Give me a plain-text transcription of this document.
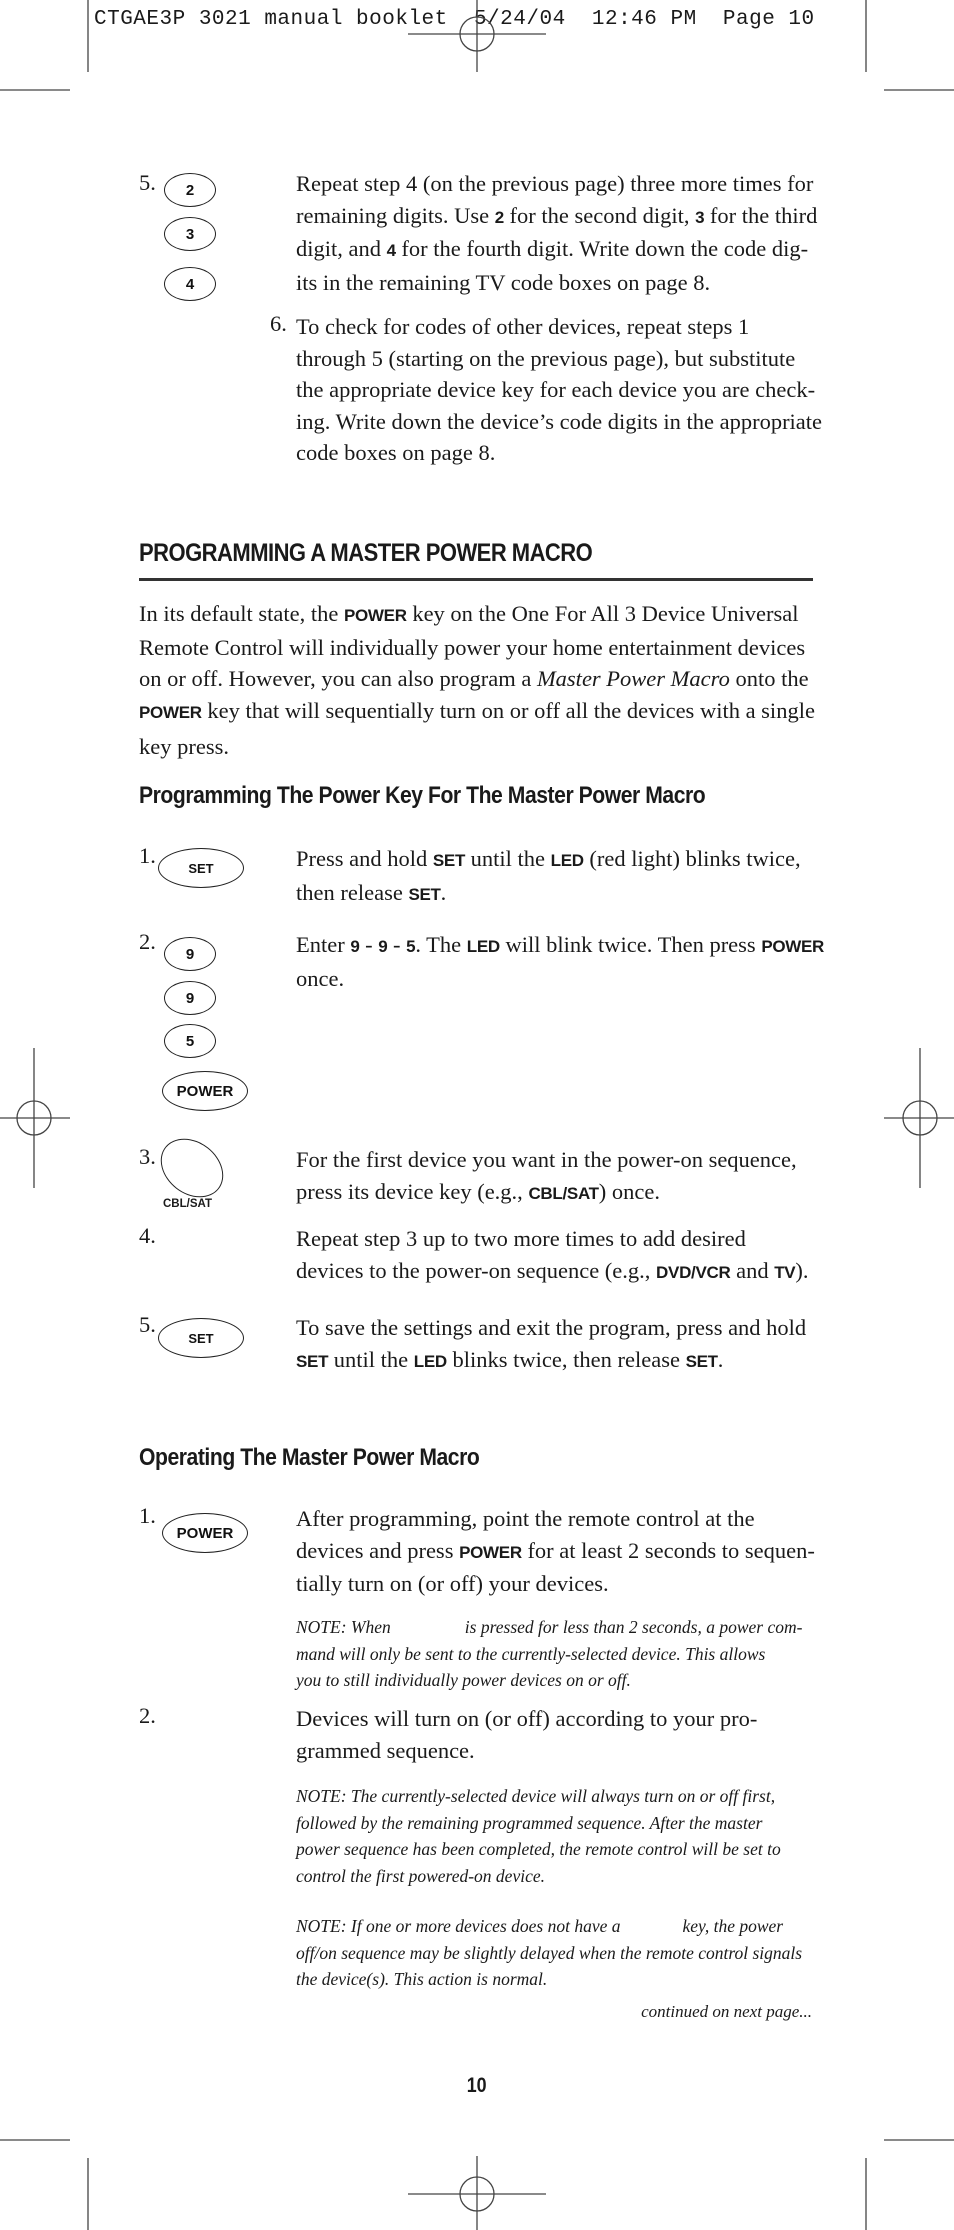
CTGAE3P 3021 manual booklet  5/24/04  12:46 PM  Page 10
5.	2
3
4
Repeat step 4 (on the previous page) three more times for
remaining digits. Use 2 for the second digit, 3 for the third
digit, and 4 for the fourth digit. Write down the code dig-
its in the remaining TV code boxes on page 8.
6. To check for codes of other devices, repeat steps 1
through 5 (starting on the previous page), but substitute
the appropriate device key for each device you are check-
ing. Write down the device’s code digits in the appropriate
code boxes on page 8.
PROGRAMMING A MASTER POWER MACRO
In its default state, the POWER key on the One For All 3 Device Universal
Remote Control will individually power your home entertainment devices
on or off. However, you can also program a Master Power Macro onto the
POWER key that will sequentially turn on or off all the devices with a single
key press.
Programming The Power Key For The Master Power Macro
1.	SET	Press and hold SET until the LED (red light) blinks twice,
then release SET.
2.	9
9
5
POWER
Enter 9 - 9 - 5. The LED will blink twice. Then press POWER
once.
3.
CBL/SAT
For the first device you want in the power-on sequence,
press its device key (e.g., CBL/SAT) once.
4.	Repeat step 3 up to two more times to add desired
devices to the power-on sequence (e.g., DVD/VCR and TV).
5.
SET	To save the settings and exit the program, press and hold
SET until the LED blinks twice, then release SET.
Operating The Master Power Macro
1.
POWER
After programming, point the remote control at the
devices and press POWER for at least 2 seconds to sequen-
tially turn on (or off) your devices.
NOTE: When	is pressed for less than 2 seconds, a power com-
mand will only be sent to the currently-selected device. This allows
you to still individually power devices on or off.
2.	Devices will turn on (or off) according to your pro-
grammed sequence.
NOTE: The currently-selected device will always turn on or off first,
followed by the remaining programmed sequence. After the master
power sequence has been completed, the remote control will be set to
control the first powered-on device.
NOTE: If one or more devices does not have a	key, the power
off/on sequence may be slightly delayed when the remote control signals
the device(s). This action is normal.
continued on next page...
10
